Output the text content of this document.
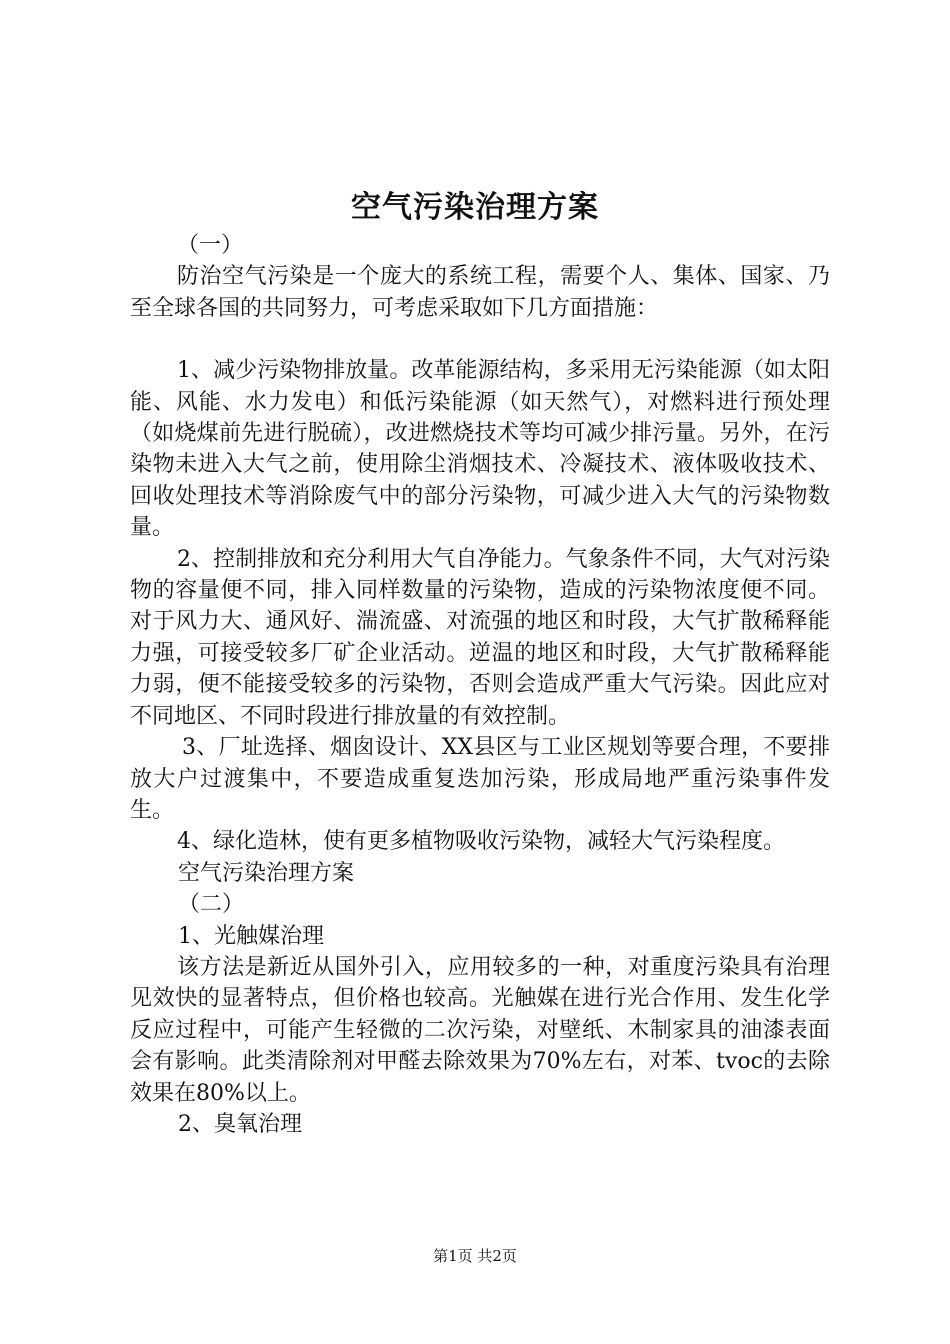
空气污染治理方案

（一）

防治空气污染是一个庞大的系统工程，需要个人、集体、国家、乃至全球各国的共同努力，可考虑采取如下几方面措施：

1、减少污染物排放量。改革能源结构，多采用无污染能源（如太阳能、风能、水力发电）和低污染能源（如天然气），对燃料进行预处理（如烧煤前先进行脱硫），改进燃烧技术等均可减少排污量。另外，在污染物未进入大气之前，使用除尘消烟技术、冷凝技术、液体吸收技术、回收处理技术等消除废气中的部分污染物，可减少进入大气的污染物数量。

2、控制排放和充分利用大气自净能力。气象条件不同，大气对污染物的容量便不同，排入同样数量的污染物，造成的污染物浓度便不同。对于风力大、通风好、湍流盛、对流强的地区和时段，大气扩散稀释能力强，可接受较多厂矿企业活动。逆温的地区和时段，大气扩散稀释能力弱，便不能接受较多的污染物，否则会造成严重大气污染。因此应对不同地区、不同时段进行排放量的有效控制。

3、厂址选择、烟囱设计、XX县区与工业区规划等要合理，不要排放大户过渡集中，不要造成重复迭加污染，形成局地严重污染事件发生。

4、绿化造林，使有更多植物吸收污染物，减轻大气污染程度。

空气污染治理方案

（二）

1、光触媒治理

该方法是新近从国外引入，应用较多的一种，对重度污染具有治理见效快的显著特点，但价格也较高。光触媒在进行光合作用、发生化学反应过程中，可能产生轻微的二次污染，对壁纸、木制家具的油漆表面会有影响。此类清除剂对甲醛去除效果为70%左右，对苯、tvoc的去除效果在80%以上。

2、臭氧治理

第1页 共2页
